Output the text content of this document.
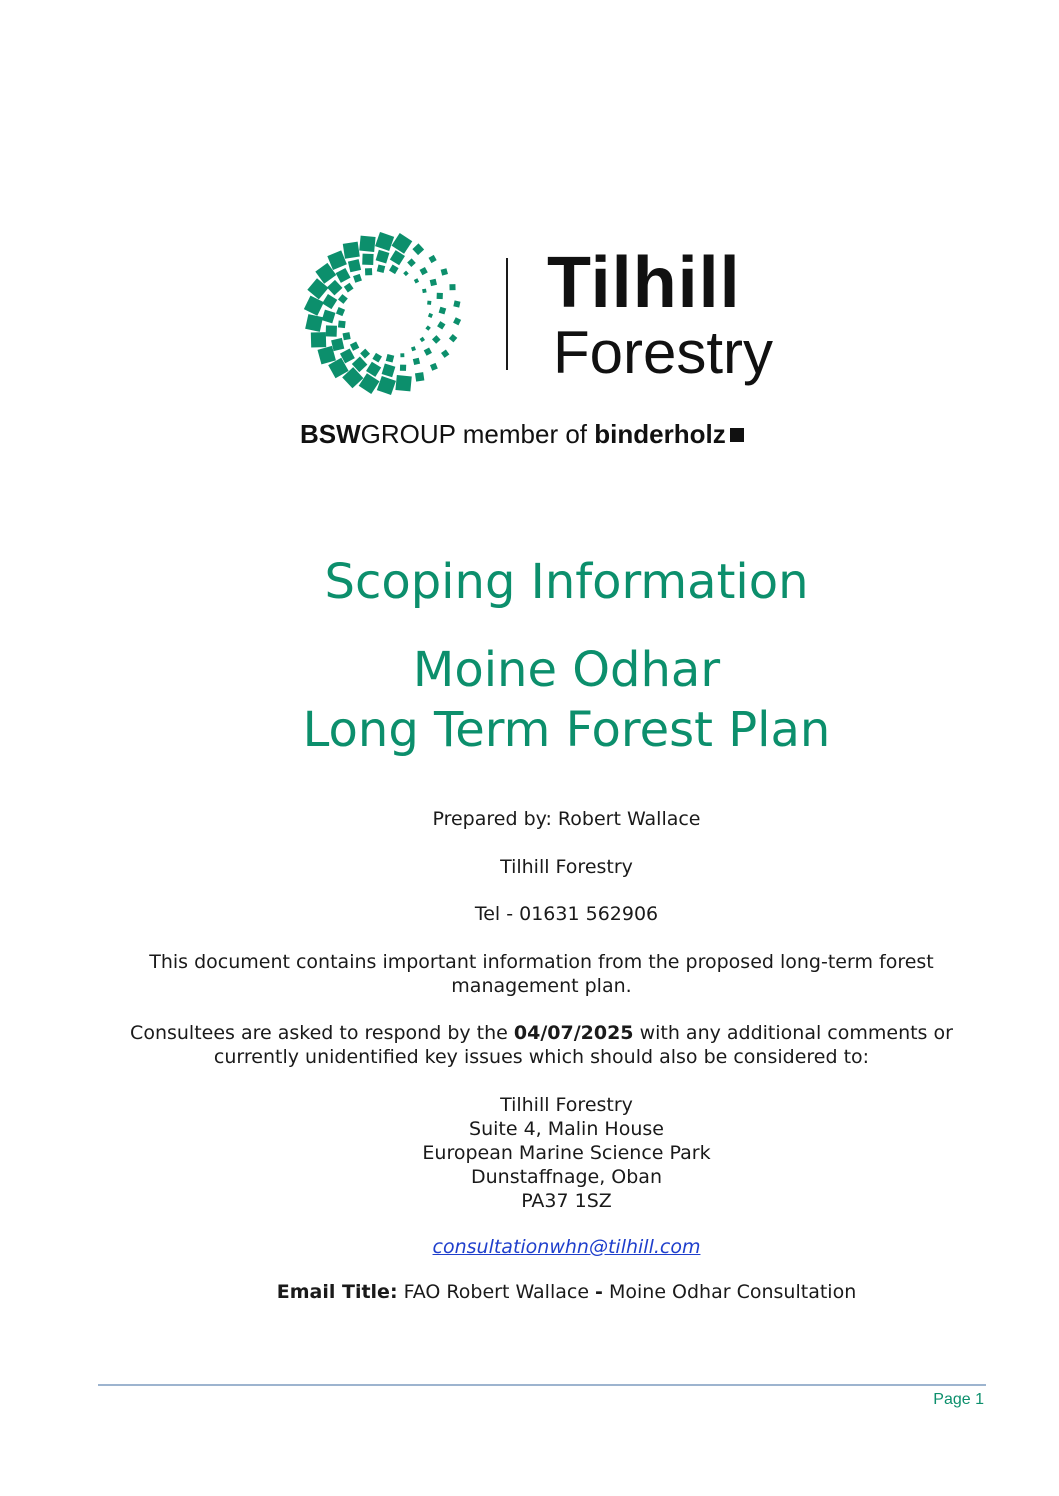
Tilhill
Forestry
BSWGROUP member of binderholz
Scoping Information
Moine Odhar
Long Term Forest Plan
Prepared by: Robert Wallace
Tilhill Forestry
Tel - 01631 562906
This document contains important information from the proposed long-term forest
management plan.
Consultees are asked to respond by the 04/07/2025 with any additional comments or
currently unidentified key issues which should also be considered to:
Tilhill Forestry
Suite 4, Malin House
European Marine Science Park
Dunstaffnage, Oban
PA37 1SZ
consultationwhn@tilhill.com
Email Title: FAO Robert Wallace - Moine Odhar Consultation
Page 1
